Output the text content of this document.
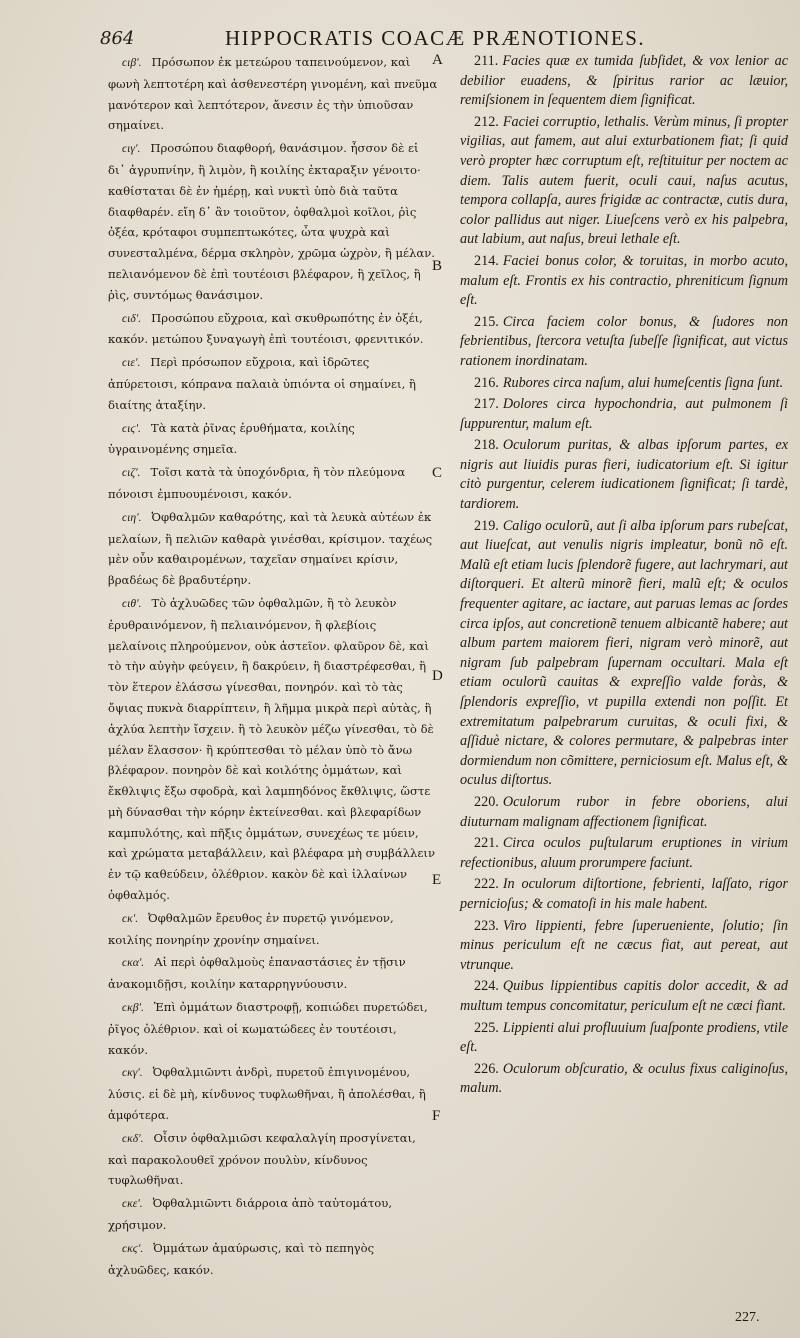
864	HIPPOCRATIS COACÆ PRÆNOTIONES.
ϲιβʹ. Πρόσωπον ἐκ μετεώρου ταπεινούμενον, καὶ φωνὴ λεπτοτέρη καὶ ἀσθενεστέρη γινομένη, καὶ πνεῦμα μανότερον καὶ λεπτότερον, ἄνεσιν ἐς τὴν ὑπιοῦσαν σημαίνει.
ϲιγʹ. Προσώπου διαφθορή, θανάσιμον. ἦσσον δὲ εἰ δι᾽ ἀγρυπνίην, ἢ λιμὸν, ἢ κοιλίης ἐκταραξιν γένοιτο· καθίσταται δὲ ἐν ἡμέρῃ, καὶ νυκτὶ ὑπὸ διὰ ταῦτα διαφθαρέν. εἴη δ᾽ ἂν τοιοῦτον, ὀφθαλμοὶ κοῖλοι, ῥὶς ὀξέα, κρόταφοι συμπεπτωκότες, ὦτα ψυχρὰ καὶ συνεσταλμένα, δέρμα σκληρὸν, χρῶμα ὠχρὸν, ἢ μέλαν. πελιανόμενον δὲ ἐπὶ τουτέοισι βλέφαρον, ἢ χεῖλος, ἢ ῥὶς, συντόμως θανάσιμον.
ϲιδʹ. Προσώπου εὔχροια, καὶ σκυθρωπότης ἐν ὀξέι, κακόν. μετώπου ξυναγωγὴ ἐπὶ τουτέοισι, φρενιτικόν.
ϲιεʹ. Περὶ πρόσωπον εὔχροια, καὶ ἱδρῶτες ἀπύρετοισι, κόπρανα παλαιὰ ὑπιόντα οἱ σημαίνει, ἢ διαίτης ἀταξίην.
ϲιϛʹ. Τὰ κατὰ ῥῖνας ἐρυθήματα, κοιλίης ὑγραινομένης σημεῖα.
ϲιζʹ. Τοῖσι κατὰ τὰ ὑποχόνδρια, ἢ τὸν πλεύμονα πόνοισι ἐμπυουμένοισι, κακόν.
ϲιηʹ. Ὀφθαλμῶν καθαρότης, καὶ τὰ λευκὰ αὐτέων ἐκ μελαίων, ἢ πελιῶν καθαρὰ γινέσθαι, κρίσιμον. ταχέως μὲν οὖν καθαιρομένων, ταχεῖαν σημαίνει κρίσιν, βραδέως δὲ βραδυτέρην.
ϲιθʹ. Τὸ ἀχλυῶδες τῶν ὀφθαλμῶν, ἢ τὸ λευκὸν ἐρυθραινόμενον, ἢ πελιαινόμενον, ἢ φλεβίοις μελαίνοις πληρούμενον, οὐκ ἀστεῖον. φλαῦρον δὲ, καὶ τὸ τὴν αὐγὴν φεύγειν, ἢ δακρύειν, ἢ διαστρέφεσθαι, ἢ τὸν ἕτερον ἐλάσσω γίνεσθαι, πονηρόν. καὶ τὸ τὰς ὄψιας πυκνὰ διαρρίπτειν, ἢ λῆμμα μικρὰ περὶ αὐτὰς, ἢ ἀχλύα λεπτὴν ἴσχειν. ἢ τὸ λευκὸν μέζω γίνεσθαι, τὸ δὲ μέλαν ἔλασσον· ἢ κρύπτεσθαι τὸ μέλαν ὑπὸ τὸ ἄνω βλέφαρον. πονηρὸν δὲ καὶ κοιλότης ὀμμάτων, καὶ ἔκθλιψις ἔξω σφοδρὰ, καὶ λαμπηδόνος ἔκθλιψις, ὥστε μὴ δύνασθαι τὴν κόρην ἐκτείνεσθαι. καὶ βλεφαρίδων καμπυλότης, καὶ πῆξις ὀμμάτων, συνεχέως τε μύειν, καὶ χρώματα μεταβάλλειν, καὶ βλέφαρα μὴ συμβάλλειν ἐν τῷ καθεύδειν, ὀλέθριον. κακὸν δὲ καὶ ἰλλαίνων ὀφθαλμός.
ϲκʹ. Ὀφθαλμῶν ἔρευθος ἐν πυρετῷ γινόμενον, κοιλίης πονηρίην χρονίην σημαίνει.
ϲκαʹ. Αἱ περὶ ὀφθαλμοὺς ἐπαναστάσιες ἐν τῇσιν ἀνακομιδῇσι, κοιλίην καταρρηγνύουσιν.
ϲκβʹ. Ἐπὶ ὀμμάτων διαστροφῇ, κοπιώδει πυρετώδει, ῥῖγος ὀλέθριον. καὶ οἱ κωματώδεες ἐν τουτέοισι, κακόν.
ϲκγʹ. Ὀφθαλμιῶντι ἀνδρὶ, πυρετοῦ ἐπιγινομένου, λύσις. εἰ δὲ μὴ, κίνδυνος τυφλωθῆναι, ἢ ἀπολέσθαι, ἢ ἀμφότερα.
ϲκδʹ. Οἷσιν ὀφθαλμιῶσι κεφαλαλγίη προσγίνεται, καὶ παρακολουθεῖ χρόνον πουλὺν, κίνδυνος τυφλωθῆναι.
ϲκεʹ. Ὀφθαλμιῶντι διάρροια ἀπὸ ταὐτομάτου, χρήσιμον.
ϲκϛʹ. Ὀμμάτων ἀμαύρωσις, καὶ τὸ πεπηγὸς ἀχλυῶδες, κακόν.
211. Facies quæ ex tumida ſubſidet, & vox lenior ac debilior euadens, & ſpiritus rarior ac læuior, remiſsionem in ſequentem diem ſignificat.
212. Faciei corruptio, lethalis. Verùm minus, ſi propter vigilias, aut famem, aut alui exturbationem fiat; ſi quid verò propter hæc corruptum eſt, reſtituitur per noctem ac diem. Talis autem fuerit, oculi caui, naſus acutus, tempora collapſa, aures frigidæ ac contractæ, cutis dura, color pallidus aut niger. Liueſcens verò ex his palpebra, aut labium, aut naſus, breui lethale eſt.
214. Faciei bonus color, & toruitas, in morbo acuto, malum eſt. Frontis ex his contractio, phreniticum ſignum eſt.
215. Circa faciem color bonus, & ſudores non febrientibus, ſtercora vetuſta ſubeſſe ſignificat, aut victus rationem inordinatam.
216. Rubores circa naſum, alui humeſcentis ſigna ſunt.
217. Dolores circa hypochondria, aut pulmonem ſi ſuppurentur, malum eſt.
218. Oculorum puritas, & albas ipſorum partes, ex nigris aut liuidis puras fieri, iudicatorium eſt. Si igitur citò purgentur, celerem iudicationem ſignificat; ſi tardè, tardiorem.
219. Caligo oculorũ, aut ſi alba ipſorum pars rubeſcat, aut liueſcat, aut venulis nigris impleatur, bonũ nõ eſt. Malũ eſt etiam lucis ſplendorẽ fugere, aut lachrymari, aut diſtorqueri. Et alterũ minorẽ fieri, malũ eſt; & oculos frequenter agitare, ac iactare, aut paruas lemas ac ſordes circa ipſos, aut concretionẽ tenuem albicantẽ habere; aut album partem maiorem fieri, nigram verò minorẽ, aut nigram ſub palpebram ſupernam occultari. Mala eſt etiam oculorũ cauitas & expreſſio valde foràs, & ſplendoris expreſſio, vt pupilla extendi non poſſit. Et extremitatum palpebrarum curuitas, & oculi fixi, & aſſiduè nictare, & colores permutare, & palpebras inter dormiendum non cõmittere, perniciosum eſt. Malus eſt, & oculus diſtortus.
220. Oculorum rubor in febre oboriens, alui diuturnam malignam affectionem ſignificat.
221. Circa oculos puſtularum eruptiones in virium refectionibus, aluum prorumpere faciunt.
222. In oculorum diſtortione, febrienti, laſſato, rigor pernicioſus; & comatoſi in his male habent.
223. Viro lippienti, febre ſuperueniente, ſolutio; ſin minus periculum eſt ne cæcus fiat, aut pereat, aut vtrunque.
224. Quibus lippientibus capitis dolor accedit, & ad multum tempus concomitatur, periculum eſt ne cæci fiant.
225. Lippienti alui profluuium ſuaſponte prodiens, vtile eſt.
226. Oculorum obſcuratio, & oculus fixus caliginoſus, malum.
A
B
C
D
E
F
227.
